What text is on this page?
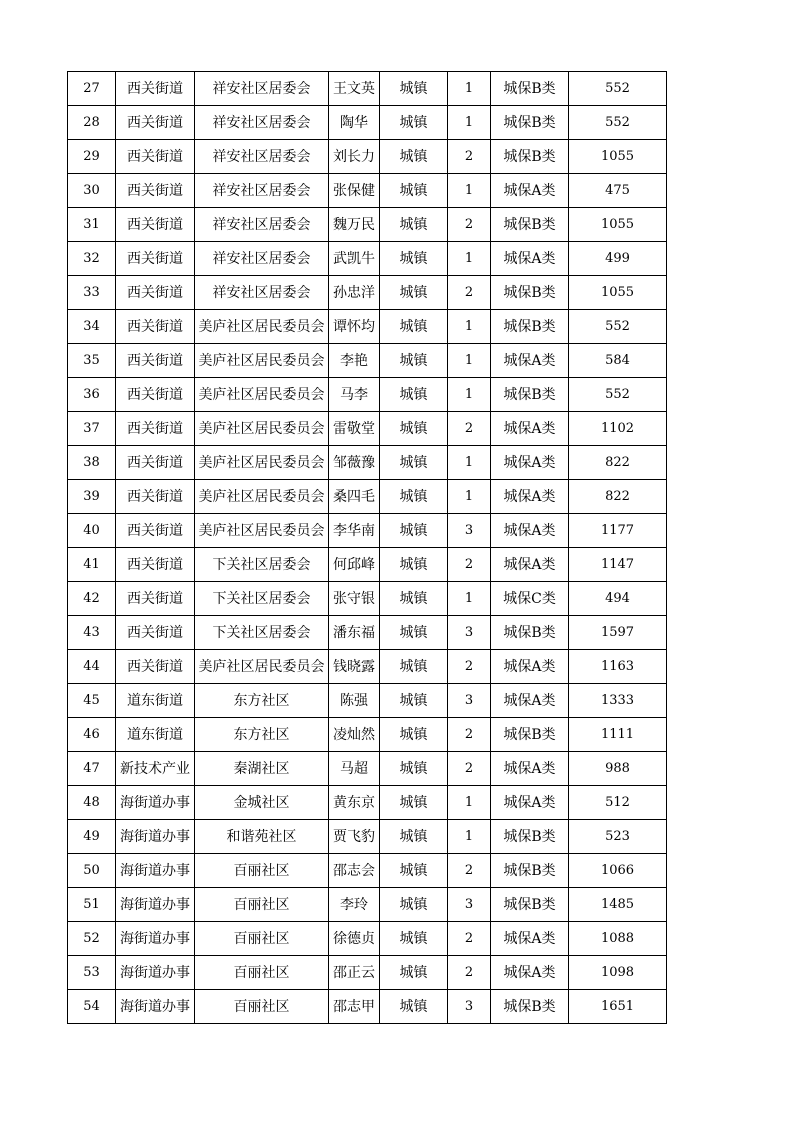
27	西关街道	祥安社区居委会	王文英	城镇	1	城保B类	552
28	西关街道	祥安社区居委会	陶华	城镇	1	城保B类	552
29	西关街道	祥安社区居委会	刘长力	城镇	2	城保B类	1055
30	西关街道	祥安社区居委会	张保健	城镇	1	城保A类	475
31	西关街道	祥安社区居委会	魏万民	城镇	2	城保B类	1055
32	西关街道	祥安社区居委会	武凯牛	城镇	1	城保A类	499
33	西关街道	祥安社区居委会	孙忠洋	城镇	2	城保B类	1055
34	西关街道	美庐社区居民委员会	谭怀均	城镇	1	城保B类	552
35	西关街道	美庐社区居民委员会	李艳	城镇	1	城保A类	584
36	西关街道	美庐社区居民委员会	马李	城镇	1	城保B类	552
37	西关街道	美庐社区居民委员会	雷敬堂	城镇	2	城保A类	1102
38	西关街道	美庐社区居民委员会	邹薇豫	城镇	1	城保A类	822
39	西关街道	美庐社区居民委员会	桑四毛	城镇	1	城保A类	822
40	西关街道	美庐社区居民委员会	李华南	城镇	3	城保A类	1177
41	西关街道	下关社区居委会	何邱峰	城镇	2	城保A类	1147
42	西关街道	下关社区居委会	张守银	城镇	1	城保C类	494
43	西关街道	下关社区居委会	潘东福	城镇	3	城保B类	1597
44	西关街道	美庐社区居民委员会	钱晓露	城镇	2	城保A类	1163
45	道东街道	东方社区	陈强	城镇	3	城保A类	1333
46	道东街道	东方社区	凌灿然	城镇	2	城保B类	1111
47	新技术产业	秦湖社区	马超	城镇	2	城保A类	988
48	海街道办事	金城社区	黄东京	城镇	1	城保A类	512
49	海街道办事	和谐苑社区	贾飞豹	城镇	1	城保B类	523
50	海街道办事	百丽社区	邵志会	城镇	2	城保B类	1066
51	海街道办事	百丽社区	李玲	城镇	3	城保B类	1485
52	海街道办事	百丽社区	徐德贞	城镇	2	城保A类	1088
53	海街道办事	百丽社区	邵正云	城镇	2	城保A类	1098
54	海街道办事	百丽社区	邵志甲	城镇	3	城保B类	1651
